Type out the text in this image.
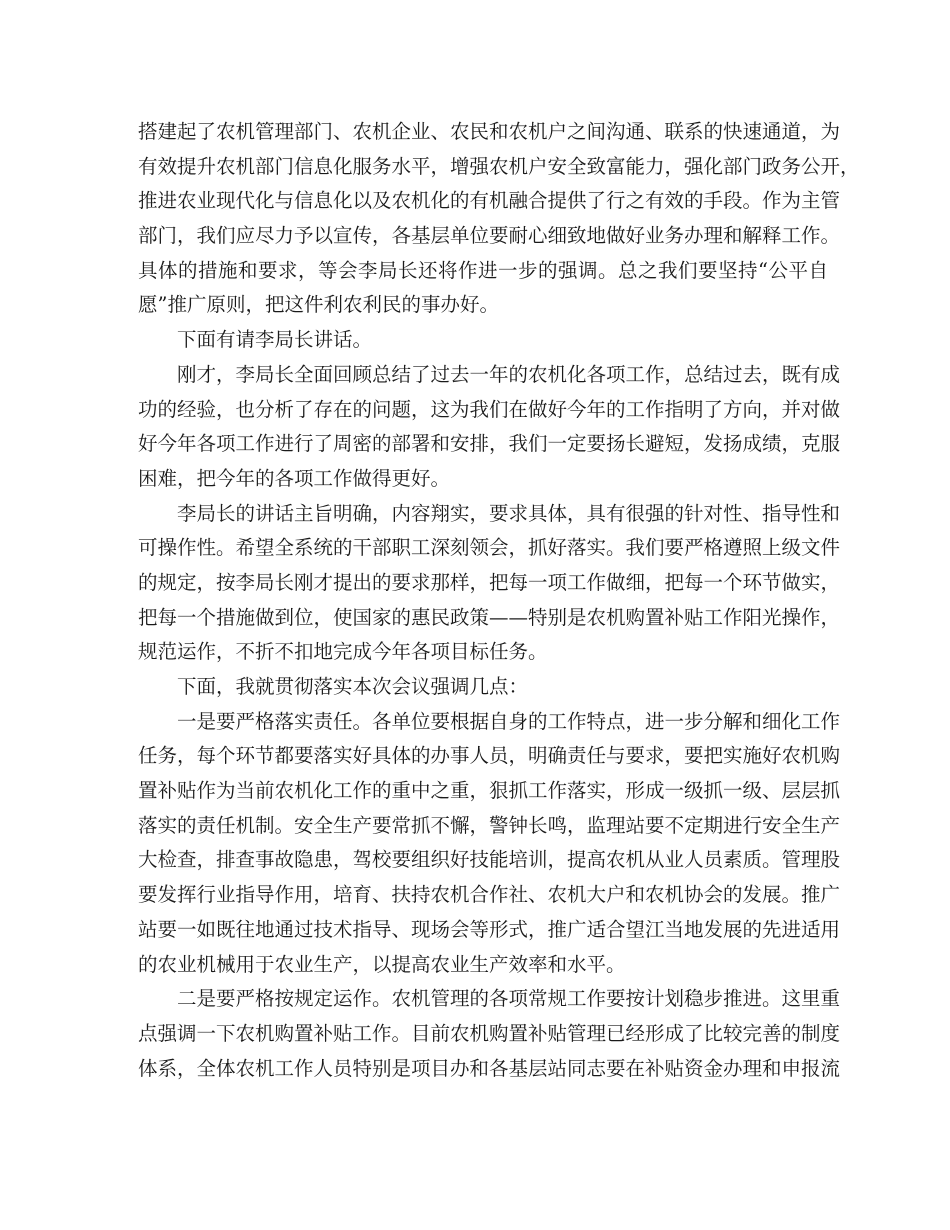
搭建起了农机管理部门、农机企业、农民和农机户之间沟通、联系的快速通道，为
有效提升农机部门信息化服务水平，增强农机户安全致富能力，强化部门政务公开，
推进农业现代化与信息化以及农机化的有机融合提供了行之有效的手段。作为主管
部门，我们应尽力予以宣传，各基层单位要耐心细致地做好业务办理和解释工作。
具体的措施和要求，等会李局长还将作进一步的强调。总之我们要坚持“公平自
愿”推广原则，把这件利农利民的事办好。
下面有请李局长讲话。
刚才，李局长全面回顾总结了过去一年的农机化各项工作，总结过去，既有成
功的经验，也分析了存在的问题，这为我们在做好今年的工作指明了方向，并对做
好今年各项工作进行了周密的部署和安排，我们一定要扬长避短，发扬成绩，克服
困难，把今年的各项工作做得更好。
李局长的讲话主旨明确，内容翔实，要求具体，具有很强的针对性、指导性和
可操作性。希望全系统的干部职工深刻领会，抓好落实。我们要严格遵照上级文件
的规定，按李局长刚才提出的要求那样，把每一项工作做细，把每一个环节做实，
把每一个措施做到位，使国家的惠民政策——特别是农机购置补贴工作阳光操作，
规范运作，不折不扣地完成今年各项目标任务。
下面，我就贯彻落实本次会议强调几点：
一是要严格落实责任。各单位要根据自身的工作特点，进一步分解和细化工作
任务，每个环节都要落实好具体的办事人员，明确责任与要求，要把实施好农机购
置补贴作为当前农机化工作的重中之重，狠抓工作落实，形成一级抓一级、层层抓
落实的责任机制。安全生产要常抓不懈，警钟长鸣，监理站要不定期进行安全生产
大检查，排查事故隐患，驾校要组织好技能培训，提高农机从业人员素质。管理股
要发挥行业指导作用，培育、扶持农机合作社、农机大户和农机协会的发展。推广
站要一如既往地通过技术指导、现场会等形式，推广适合望江当地发展的先进适用
的农业机械用于农业生产，以提高农业生产效率和水平。
二是要严格按规定运作。农机管理的各项常规工作要按计划稳步推进。这里重
点强调一下农机购置补贴工作。目前农机购置补贴管理已经形成了比较完善的制度
体系，全体农机工作人员特别是项目办和各基层站同志要在补贴资金办理和申报流
